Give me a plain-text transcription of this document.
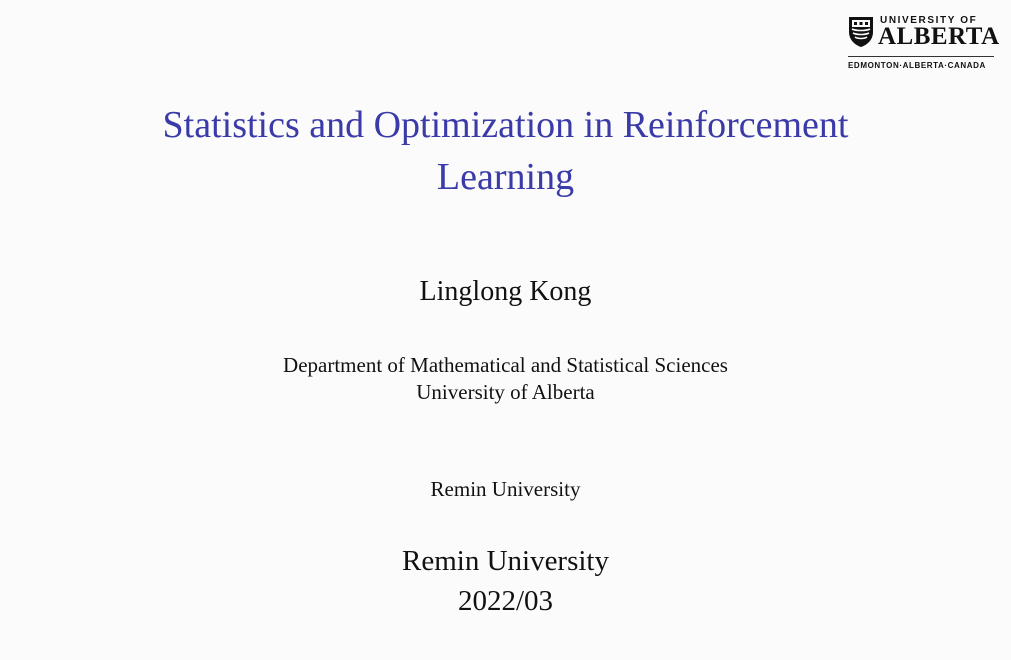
UNIVERSITY OF
ALBERTA
EDMONTON·ALBERTA·CANADA
Statistics and Optimization in Reinforcement
Learning
Linglong Kong
Department of Mathematical and Statistical Sciences
University of Alberta
Remin University
Remin University
2022/03
